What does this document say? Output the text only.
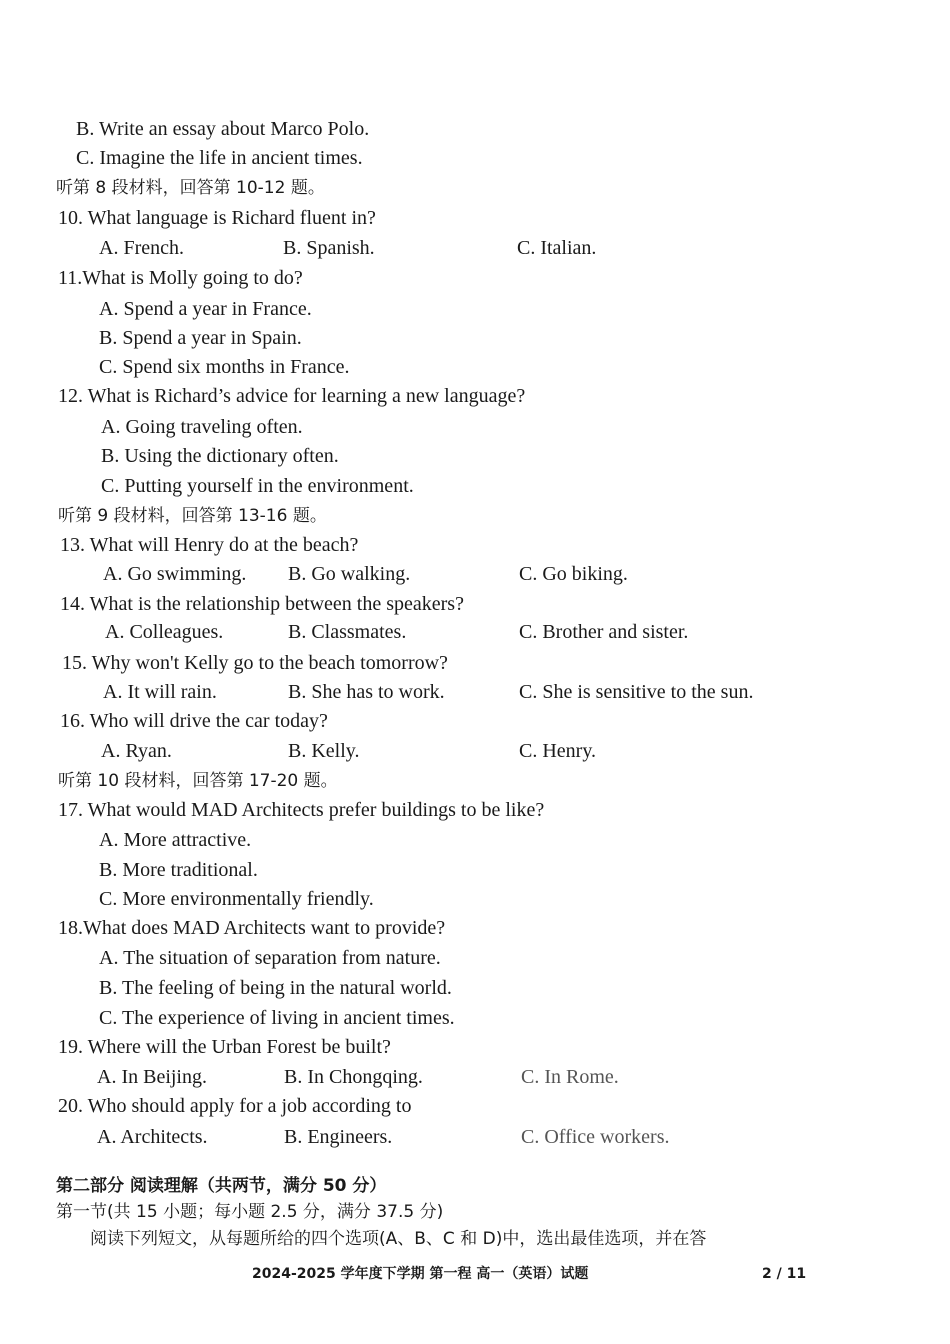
B. Write an essay about Marco Polo.
C. Imagine the life in ancient times.
听第 8 段材料，回答第 10-12 题。
10. What language is Richard fluent in?
A. French.	B. Spanish.	C. Italian.
11.What is Molly going to do?
A. Spend a year in France.
B. Spend a year in Spain.
C. Spend six months in France.
12. What is Richard’s advice for learning a new language?
A. Going traveling often.
B. Using the dictionary often.
C. Putting yourself in the environment.
听第 9 段材料，回答第 13-16 题。
13. What will Henry do at the beach?
A. Go swimming. B. Go walking.	C. Go biking.
14. What is the relationship between the speakers?
A. Colleagues.	B. Classmates.	C. Brother and sister.
15. Why won't Kelly go to the beach tomorrow?
A. It will rain.	B. She has to work.	C. She is sensitive to the sun.
16. Who will drive the car today?
A. Ryan.	B. Kelly.	C. Henry.
听第 10 段材料，回答第 17-20 题。
17. What would MAD Architects prefer buildings to be like?
A. More attractive.
B. More traditional.
C. More environmentally friendly.
18.What does MAD Architects want to provide?
A. The situation of separation from nature.
B. The feeling of being in the natural world.
C. The experience of living in ancient times.
19. Where will the Urban Forest be built?
A. In Beijing.	B. In Chongqing.	C. In Rome.
20. Who should apply for a job according to
A. Architects.	B. Engineers.	C. Office workers.
第二部分 阅读理解（共两节，满分 50 分）
第一节(共 15 小题；每小题 2.5 分，满分 37.5 分)
阅读下列短文，从每题所给的四个选项(A、B、C 和 D)中，选出最佳选项，并在答
2024-2025 学年度下学期 第一程 高一（英语）试题	2 / 11
